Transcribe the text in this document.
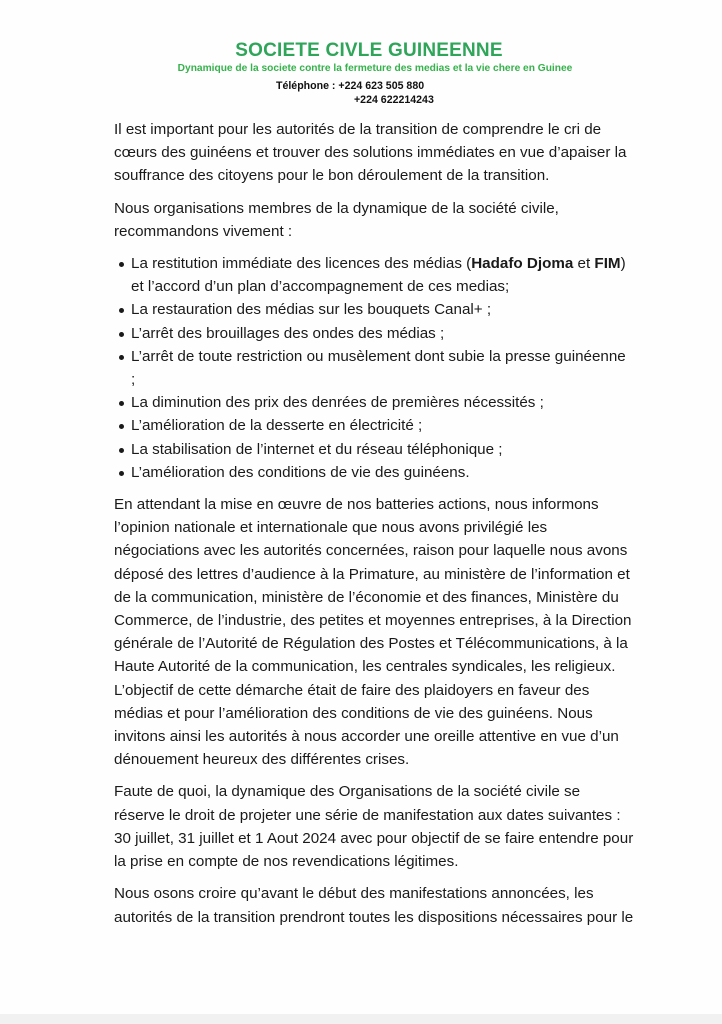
SOCIETE CIVLE GUINEENNE
Dynamique de la societe contre la fermeture des medias et la vie chere en Guinee
Téléphone : +224 623 505 880
+224 622214243

Il est important pour les autorités de la transition de comprendre le cri de cœurs des guinéens et trouver des solutions immédiates en vue d’apaiser la souffrance des citoyens pour le bon déroulement de la transition.

Nous organisations membres de la dynamique de la société civile, recommandons vivement :

La restitution immédiate des licences des médias (Hadafo Djoma et FIM) et l’accord d’un plan d’accompagnement de ces medias;
La restauration des médias sur les bouquets Canal+ ;
L’arrêt des brouillages des ondes des médias ;
L’arrêt de toute restriction ou musèlement dont subie la presse guinéenne ;
La diminution des prix des denrées de premières nécessités ;
L’amélioration de la desserte en électricité ;
La stabilisation de l’internet et du réseau téléphonique ;
L’amélioration des conditions de vie des guinéens.

En attendant la mise en œuvre de nos batteries actions, nous informons l’opinion nationale et internationale que nous avons privilégié les négociations avec les autorités concernées, raison pour laquelle nous avons déposé des lettres d’audience à la Primature, au ministère de l’information et de la communication, ministère de l’économie et des finances, Ministère du Commerce, de l’industrie, des petites et moyennes entreprises, à la Direction générale de l’Autorité de Régulation des Postes et Télécommunications, à la Haute Autorité de la communication, les centrales syndicales, les religieux. L’objectif de cette démarche était de faire des plaidoyers en faveur des médias et pour l’amélioration des conditions de vie des guinéens. Nous invitons ainsi les autorités à nous accorder une oreille attentive en vue d’un dénouement heureux des différentes crises.

Faute de quoi, la dynamique des Organisations de la société civile se réserve le droit de projeter une série de manifestation aux dates suivantes : 30 juillet, 31 juillet et 1 Aout 2024 avec pour objectif de se faire entendre pour la prise en compte de nos revendications légitimes.

Nous osons croire qu’avant le début des manifestations annoncées, les autorités de la transition prendront toutes les dispositions nécessaires pour le
